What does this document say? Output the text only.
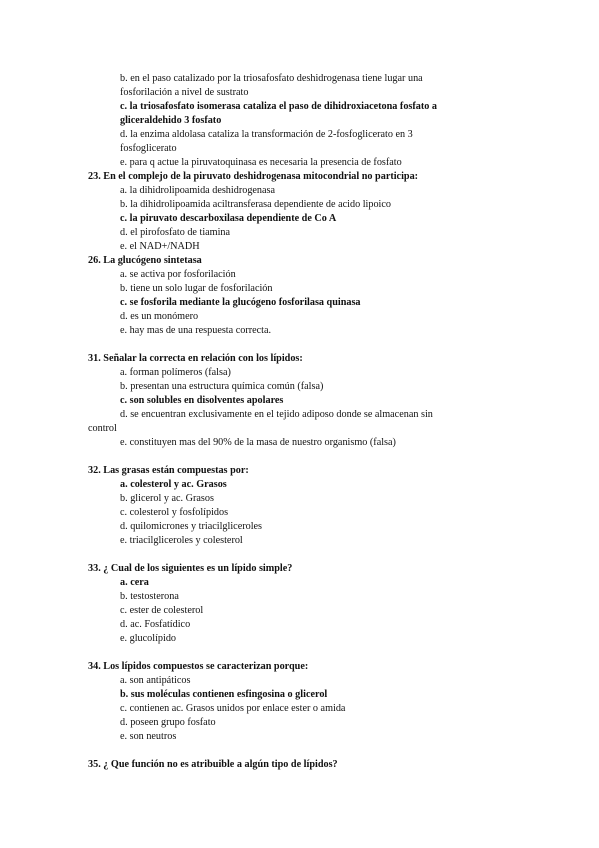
b. en el paso catalizado por la triosafosfato deshidrogenasa tiene lugar una
fosforilación a nivel de sustrato
c. la triosafosfato isomerasa cataliza el paso de dihidroxiacetona fosfato a
gliceraldehido 3 fosfato
d. la enzima aldolasa cataliza la transformación de 2-fosfoglicerato en 3
fosfoglicerato
e. para q actue la piruvatoquinasa es necesaria la presencia de fosfato
23. En el complejo de la piruvato deshidrogenasa mitocondrial no participa:
a. la dihidrolipoamida deshidrogenasa
b. la dihidrolipoamida aciltransferasa dependiente de acido lipoico
c. la piruvato descarboxilasa dependiente de Co A
d. el pirofosfato de tiamina
e. el NAD+/NADH
26. La glucógeno sintetasa
a. se activa por fosforilación
b. tiene un solo lugar de fosforilación
c. se fosforila mediante la glucógeno fosforilasa quinasa
d. es un monómero
e. hay mas de una respuesta correcta.
31. Señalar la correcta en relación con los lípidos:
a. forman polímeros (falsa)
b. presentan una estructura química común (falsa)
c. son solubles en disolventes apolares
d. se encuentran exclusivamente en el tejido adiposo donde se almacenan sin
control
e. constituyen mas del 90% de la masa de nuestro organismo (falsa)
32. Las grasas están compuestas por:
a. colesterol y ac. Grasos
b. glicerol y ac. Grasos
c. colesterol y fosfolípidos
d. quilomicrones y triacilgliceroles
e. triacilgliceroles y colesterol
33. ¿ Cual de los siguientes es un lípido simple?
a. cera
b. testosterona
c. ester de colesterol
d. ac. Fosfatídico
e. glucolípido
34. Los lípidos compuestos se caracterizan porque:
a. son antipáticos
b. sus moléculas contienen esfingosina o glicerol
c. contienen ac. Grasos unidos por enlace ester o amida
d. poseen grupo fosfato
e. son neutros
35. ¿ Que función no es atribuible a algún tipo de lípidos?
